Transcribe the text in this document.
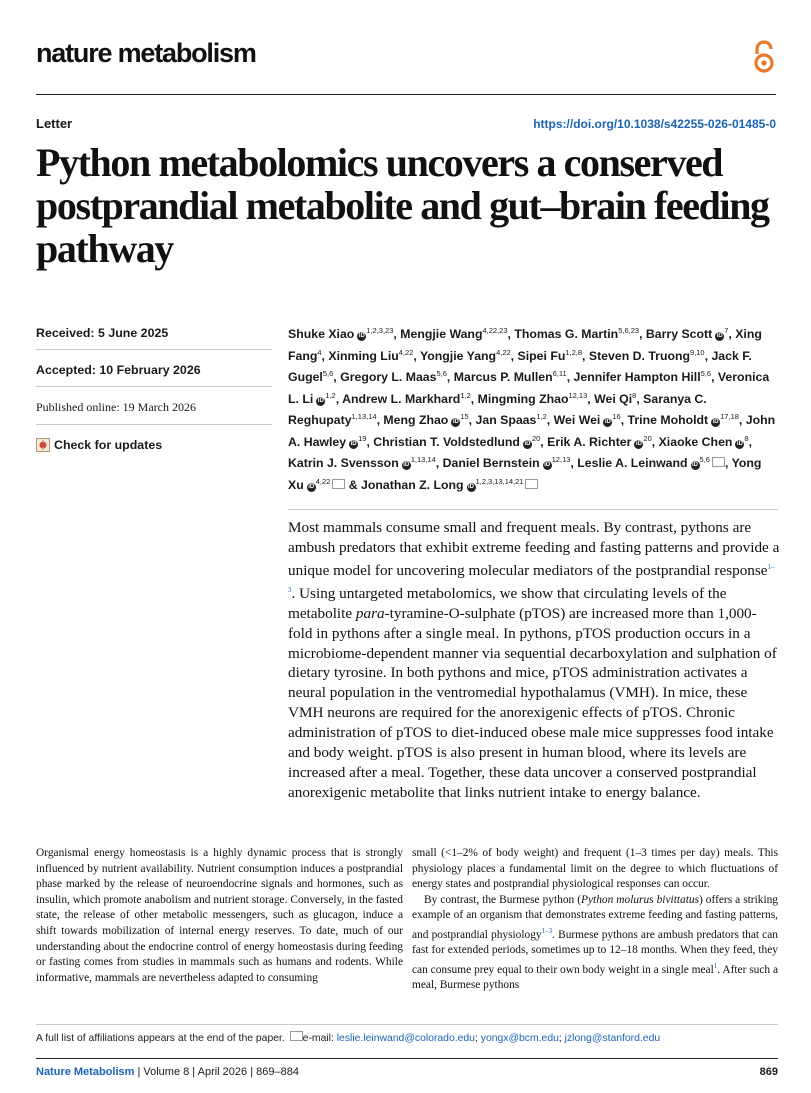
nature metabolism
Letter	https://doi.org/10.1038/s42255-026-01485-0
Python metabolomics uncovers a conserved postprandial metabolite and gut–brain feeding pathway
Received: 5 June 2025
Accepted: 10 February 2026
Published online: 19 March 2026
Check for updates
Shuke Xiao iD$^{1,2,3,23}$, Mengjie Wang$^{4,22,23}$, Thomas G. Martin$^{5,6,23}$, Barry Scott $iD^7$, Xing Fang$^4$, Xinming Liu$^{4,22}$, Yongjie Yang$^{4,22}$, Sipei Fu$^{1,2,8}$, Steven D. Truong$^{9,10}$, Jack F. Gugel$^{5,6}$, Gregory L. Maas$^{5,6}$, Marcus P. Mullen$^{6,11}$, Jennifer Hampton Hill$^{5,6}$, Veronica L. Li iD$^{1,2}$, Andrew L. Markhard$^{1,2}$, Mingming Zhao$^{12,13}$, Wei Qi$^8$, Saranya C. Reghupaty$^{1,13,14}$, Meng Zhao $iD^{15}$, Jan Spaas$^{1,2}$, Wei Wei $iD^{16}$, Trine Moholdt iD$^{17,18}$, John A. Hawley $iD^{19}$, Christian T. Voldstedlund $iD^{20}$, Erik A. Richter $iD^{20}$, Xiaoke Chen $iD^8$, Katrin J. Svensson iD$^{1,13,14}$, Daniel Bernstein iD$^{12,13}$, Leslie A. Leinwand iD$^{5,6}$ , Yong Xu iD$^{4,22}$ & Jonathan Z. Long iD$^{1,2,3,13,14,21}$
Most mammals consume small and frequent meals. By contrast, pythons are ambush predators that exhibit extreme feeding and fasting patterns and provide a unique model for uncovering molecular mediators of the postprandial response$^{1-3}$. Using untargeted metabolomics, we show that circulating levels of the metabolite para-tyramine-O-sulphate (pTOS) are increased more than 1,000-fold in pythons after a single meal. In pythons, pTOS production occurs in a microbiome-dependent manner via sequential decarboxylation and sulphation of dietary tyrosine. In both pythons and mice, pTOS administration activates a neural population in the ventromedial hypothalamus (VMH). In mice, these VMH neurons are required for the anorexigenic effects of pTOS. Chronic administration of pTOS to diet-induced obese male mice suppresses food intake and body weight. pTOS is also present in human blood, where its levels are increased after a meal. Together, these data uncover a conserved postprandial anorexigenic metabolite that links nutrient intake to energy balance.

Organismal energy homeostasis is a highly dynamic process that is strongly influenced by nutrient availability. Nutrient consumption induces a postprandial phase marked by the release of neuroendocrine signals and hormones, such as insulin, which promote anabolism and nutrient storage. Conversely, in the fasted state, the release of other metabolic messengers, such as glucagon, induce a shift towards mobilization of internal energy reserves. To date, much of our understanding about the endocrine control of energy homeostasis during feeding or fasting comes from studies in mammals such as humans and rodents. While informative, mammals are nevertheless adapted to consuming

small (<1–2% of body weight) and frequent (1–3 times per day) meals. This physiology places a fundamental limit on the degree to which fluctuations of energy states and postprandial physiological responses can occur.

By contrast, the Burmese python (Python molurus bivittatus) offers a striking example of an organism that demonstrates extreme feeding and fasting patterns, and postprandial physiology$^{1-3}$. Burmese pythons are ambush predators that can fast for extended periods, sometimes up to 12–18 months. When they feed, they can consume prey equal to their own body weight in a single meal$^1$. After such a meal, Burmese pythons

A full list of affiliations appears at the end of the paper. e-mail: leslie.leinwand@colorado.edu; yongx@bcm.edu; jzlong@stanford.edu
Nature Metabolism | Volume 8 | April 2026 | 869–884	869
